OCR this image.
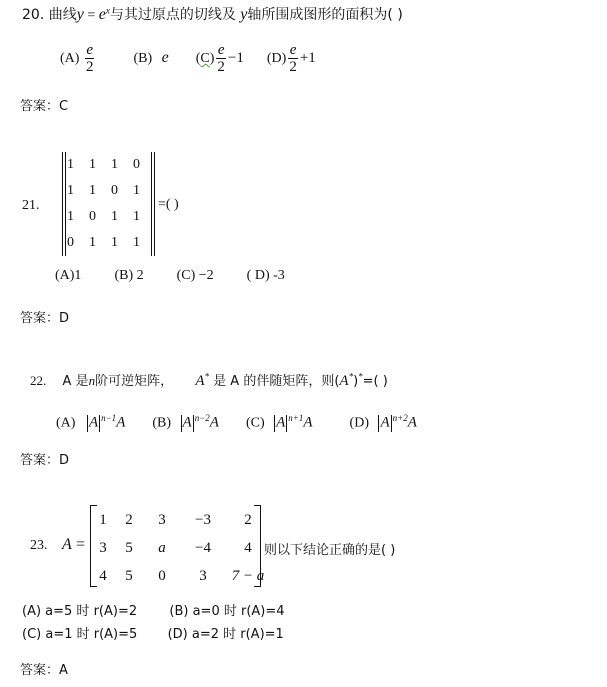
20. 曲线$y = e^x$与其过原点的切线及 y轴所围成图形的面积为( )
$(A) \frac{e}{2}$	(B) e $(C) \frac{e}{2} -1$ $(D) \frac{e}{2} +1$
答案：C
21.
1	1	1	0
1	1	0	1
1	0	1	1
0	1	1	1
=( )
(A)1 (B) 2 (C) −2 ( D) -3
答案：D
22. A 是n阶可逆矩阵， A* 是 A 的伴随矩阵，则(A*)*=( )
(A) A $^{n-1}$A (B) A $^{n-2}$A (C) A $^{n+1}$A	(D) A $^{n+2}$A
答案：D
23. A =
1	2	3	−3	2
3	5	a	−4	4
4	5	0	3	7 − a
则以下结论正确的是( )
(A) a=5 时 r(A)=2 (B) a=0 时 r(A)=4
(C) a=1 时 r(A)=5 (D) a=2 时 r(A)=1
答案：A
